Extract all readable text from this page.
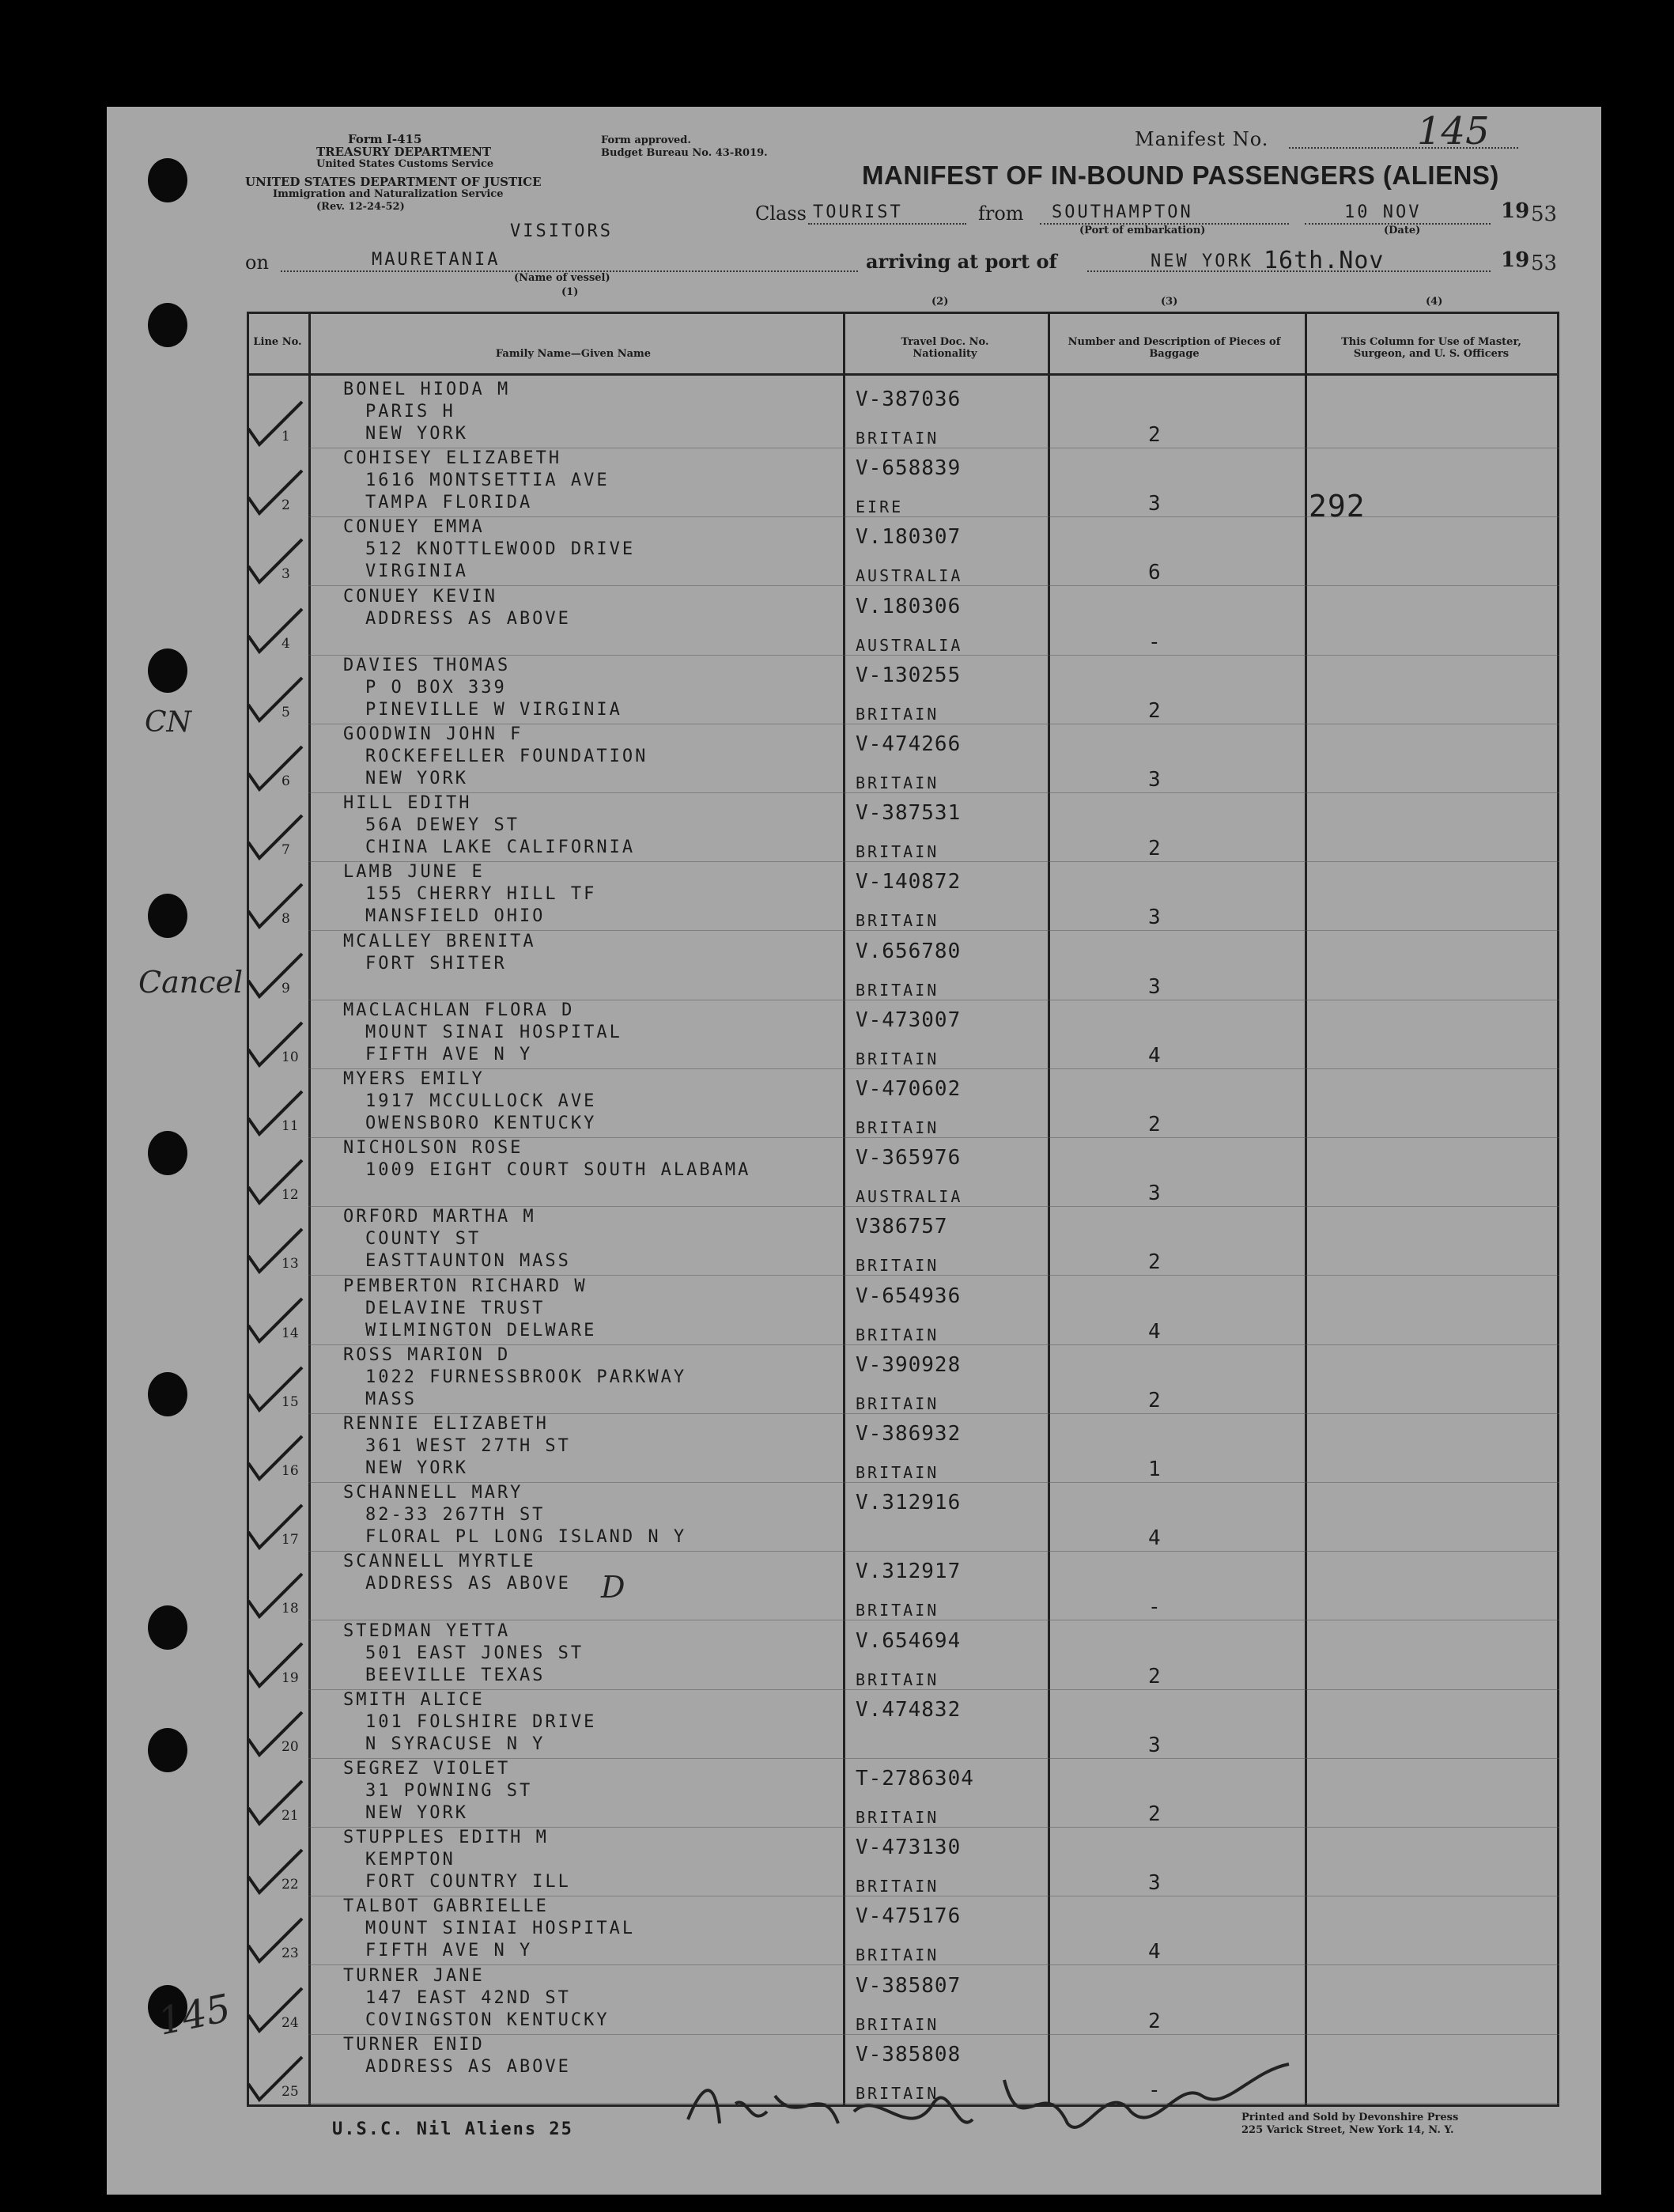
Form I-415
TREASURY DEPARTMENT
United States Customs Service
UNITED STATES DEPARTMENT OF JUSTICE
Immigration and Naturalization Service
(Rev. 12-24-52)
Form approved.
Budget Bureau No. 43-R019.
Manifest No.	145
MANIFEST OF IN-BOUND PASSENGERS (ALIENS)
VISITORS
Class TOURIST	from SOUTHAMPTON
(Port of embarkation)
10 NOV
(Date)
19 53
on	MAURETANIA
(Name of vessel)
arriving at port of	NEW YORK 16th.Nov	19 53
(1)
(2)	(3)	(4)
Line No.
Family Name—Given Name
Travel Doc. No. Nationality
Number and Description of Pieces of Baggage
This Column for Use of Master, Surgeon, and U. S. Officers
1
BONEL HIODA M
PARIS H
NEW YORK
V-387036
BRITAIN	2
2
COHISEY ELIZABETH
1616 MONTSETTIA AVE
TAMPA FLORIDA
V-658839
EIRE	3
3
CONUEY EMMA
512 KNOTTLEWOOD DRIVE
VIRGINIA
V.180307
AUSTRALIA	6
4
CONUEY KEVIN
ADDRESS AS ABOVE
V.180306
AUSTRALIA	-
5
DAVIES THOMAS
P O BOX 339
PINEVILLE W VIRGINIA
V-130255
BRITAIN	2
6
GOODWIN JOHN F
ROCKEFELLER FOUNDATION
NEW YORK
V-474266
BRITAIN	3
7
HILL EDITH
56A DEWEY ST
CHINA LAKE CALIFORNIA
V-387531
BRITAIN	2
8
LAMB JUNE E
155 CHERRY HILL TF
MANSFIELD OHIO
V-140872
BRITAIN	3
9
MCALLEY BRENITA
FORT SHITER
V.656780
BRITAIN	3
10
MACLACHLAN FLORA D
MOUNT SINAI HOSPITAL
FIFTH AVE N Y
V-473007
BRITAIN	4
11
MYERS EMILY
1917 MCCULLOCK AVE
OWENSBORO KENTUCKY
V-470602
BRITAIN	2
12
NICHOLSON ROSE
1009 EIGHT COURT SOUTH ALABAMA
V-365976
AUSTRALIA	3
13
ORFORD MARTHA M
COUNTY ST
EASTTAUNTON MASS
V386757
BRITAIN	2
14
PEMBERTON RICHARD W
DELAVINE TRUST
WILMINGTON DELWARE
V-654936
BRITAIN	4
15
ROSS MARION D
1022 FURNESSBROOK PARKWAY
MASS
V-390928
BRITAIN	2
16
RENNIE ELIZABETH
361 WEST 27TH ST
NEW YORK
V-386932
BRITAIN	1
17
SCHANNELL MARY
82-33 267TH ST
FLORAL PL LONG ISLAND N Y
V.312916
4
18
SCANNELL MYRTLE
ADDRESS AS ABOVE
V.312917
BRITAIN	-
19
STEDMAN YETTA
501 EAST JONES ST
BEEVILLE TEXAS
V.654694
BRITAIN	2
20
SMITH ALICE
101 FOLSHIRE DRIVE
N SYRACUSE N Y
V.474832
3
21
SEGREZ VIOLET
31 POWNING ST
NEW YORK
T-2786304
BRITAIN	2
22
STUPPLES EDITH M
KEMPTON
FORT COUNTRY ILL
V-473130
BRITAIN	3
23
TALBOT GABRIELLE
MOUNT SINIAI HOSPITAL
FIFTH AVE N Y
V-475176
BRITAIN	4
24
TURNER JANE
147 EAST 42ND ST
COVINGSTON KENTUCKY
V-385807
BRITAIN	2
25
TURNER ENID
ADDRESS AS ABOVE
V-385808
BRITAIN	-
292
CN
Cancel
145
D
U.S.C. Nil Aliens 25
Printed and Sold by Devonshire Press
225 Varick Street, New York 14, N. Y.
